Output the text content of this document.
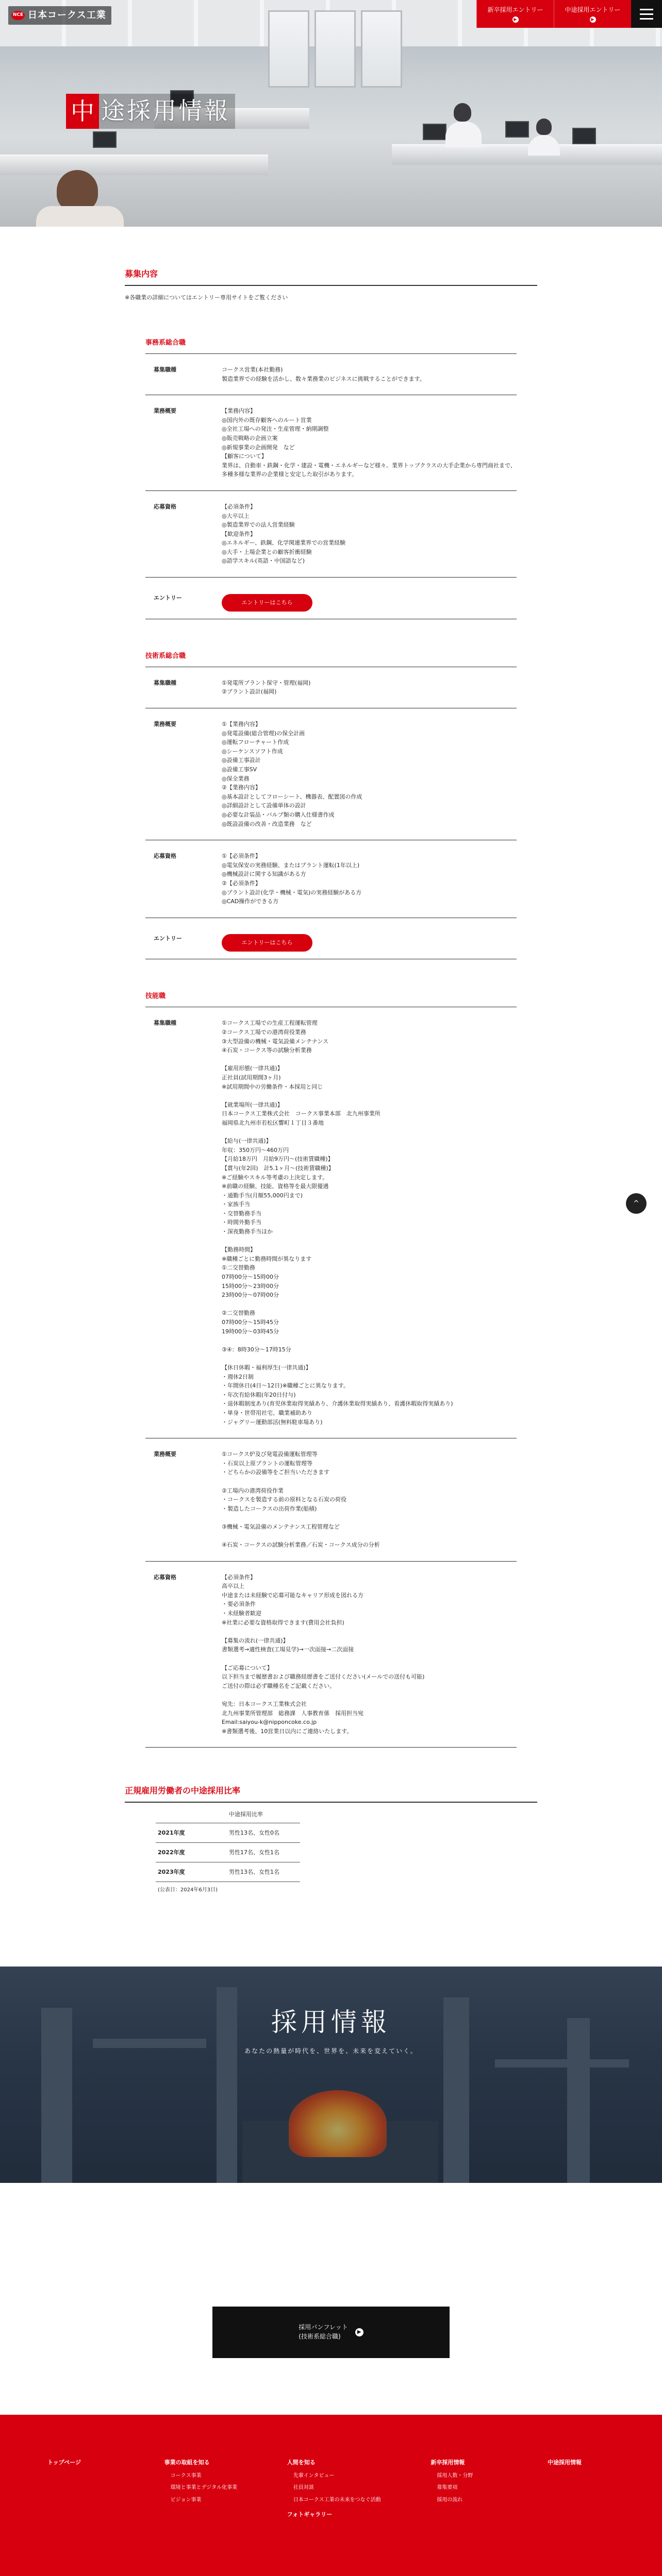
NCE 日本コークス工業
新卒採用エントリー
▶
中途採用エントリー
▶
中 途採用情報
募集内容

※各職業の詳細についてはエントリー専用サイトをご覧ください

事務系総合職
募集職種	コークス営業(本社勤務)
製造業界での経験を活かし、数々業務業のビジネスに挑戦することができます。
業務概要	【業務内容】
◎国内外の既存顧客へのルート営業
◎全社工場への発注・生産管理・納期調整
◎販売戦略の企画立案
◎新規事業の企画開発　など
【顧客について】
業界は、自動車・鉄鋼・化学・建設・電機・エネルギーなど様々。業界トップクラスの大手企業から専門商社まで、多種多様な業界の企業様と安定した取引があります。
応募資格	【必須条件】
◎大卒以上
◎製造業界での法人営業経験
【歓迎条件】
◎エネルギー、鉄鋼、化学関連業界での営業経験
◎大手・上場企業との顧客折衝経験
◎語学スキル(英語・中国語など)
エントリー

エントリーはこちら

技術系総合職
募集職種	①発電所プラント保守・管理(福岡)
②プラント設計(福岡)
業務概要	①【業務内容】
◎発電設備(総合管理)の保全計画
◎運転フローチャート作成
◎シーケンスソフト作成
◎設備工事設計
◎設備工事SV
◎保全業務
②【業務内容】
◎基本設計としてフローシート、機器表、配置図の作成
◎詳細設計として設備単体の設計
◎必要な計装品・バルブ類の購入仕様書作成
◎既設設備の改善・改造業務　など
応募資格	①【必須条件】
◎電気保安の実務経験、またはプラント運転(1年以上)
◎機械設計に関する知識がある方
②【必須条件】
◎プラント設計(化学・機械・電気)の実務経験がある方
◎CAD操作ができる方
エントリー

エントリーはこちら

技能職
募集職種	①コークス工場での生産工程運転管理
②コークス工場での港湾荷役業務
③大型設備の機械・電気設備メンテナンス
④石炭・コークス等の試験分析業務

【雇用形態(一律共通)】
正社員(試用期間3ヶ月)
※試用期間中の労働条件・本採用と同じ

【就業場所(一律共通)】
日本コークス工業株式会社　コークス事業本部　北九州事業所
福岡県北九州市若松区響町１丁目３番地

【給与(一律共通)】
年収：350万円〜460万円
【月給18万円　月給9万円〜(技術賃職種)】
【賞与(年2回)　計5.1ヶ月〜(技術賃職種)】
※ご経験やスキル等考慮の上決定します。
※前職の経験、技能、資格等を最大限優遇
・通勤手当(月額55,000円まで)
・家族手当
・交替勤務手当
・時間外勤手当
・深夜勤務手当ほか

【勤務時間】
※職種ごとに勤務時間が異なります
①二交替勤務
07時00分〜15時00分
15時00分〜23時00分
23時00分〜07時00分

②二交替勤務
07時00分〜15時45分
19時00分〜03時45分

③④：8時30分〜17時15分

【休日休暇・福利厚生(一律共通)】
・週休2日制
・年間休日(4日〜12日)※職種ごとに異なります。
・年次有給休暇(年20日付与)
・退休暇制度あり(育児休業取得実績あり、介護休業取得実績あり、看護休暇取得実績あり)
・単身・世帯用社宅、職業補助あり
・ジャグリー運動部活(無料駐車場あり)
業務概要	①コークス炉及び発電設備運転管理等
・石炭以上原プラントの運転管理等
・どちらかの設備等をご担当いただきます

②工場内の港湾荷役作業
・コークスを製造する前の原料となる石炭の荷役
・製造したコークスの出荷作業(船積)

③機械・電気設備のメンテナンス工程管理など

④石炭・コークスの試験分析業務／石炭・コークス成分の分析
応募資格	【必須条件】
高卒以上
中途または未経験で応募可能なキャリア形成を図れる方
・要必須条件
・未経験者歓迎
※社業に必要な資格取得できます(費用会社負担)

【募集の流れ(一律共通)】
書類選考→適性検査(工場見学)→一次面接→二次面接

【ご応募について】
以下担当まで履歴書および職務経歴書をご送付ください(メールでの送付も可能)
ご送付の際は必ず職種名をご記載ください。

宛先：日本コークス工業株式会社
北九州事業所管理部　総務課　人事教育係　採用担当宛
Email:saiyou-k@nipponcoke.co.jp
※書類選考後、10営業日以内にご連絡いたします。
正規雇用労働者の中途採用比率
中途採用比率
2021年度	男性13名、女性0名
2022年度	男性17名、女性1名
2023年度	男性13名、女性1名

(公表日：2024年6月3日)

^
採用情報
あなたの熱量が時代を、世界を、未来を変えていく。
採用パンフレット
(技術系総合職)
▶
トップページ	事業の取組を知る
コークス事業
環境と事業とデジタル化事業
ビジョン事業
人間を知る
先輩インタビュー
社員対談
日本コークス工業の未来をつなぐ活動
フォトギャラリー
新卒採用情報
採用人数・分野
募集要項
採用の流れ
中途採用情報
